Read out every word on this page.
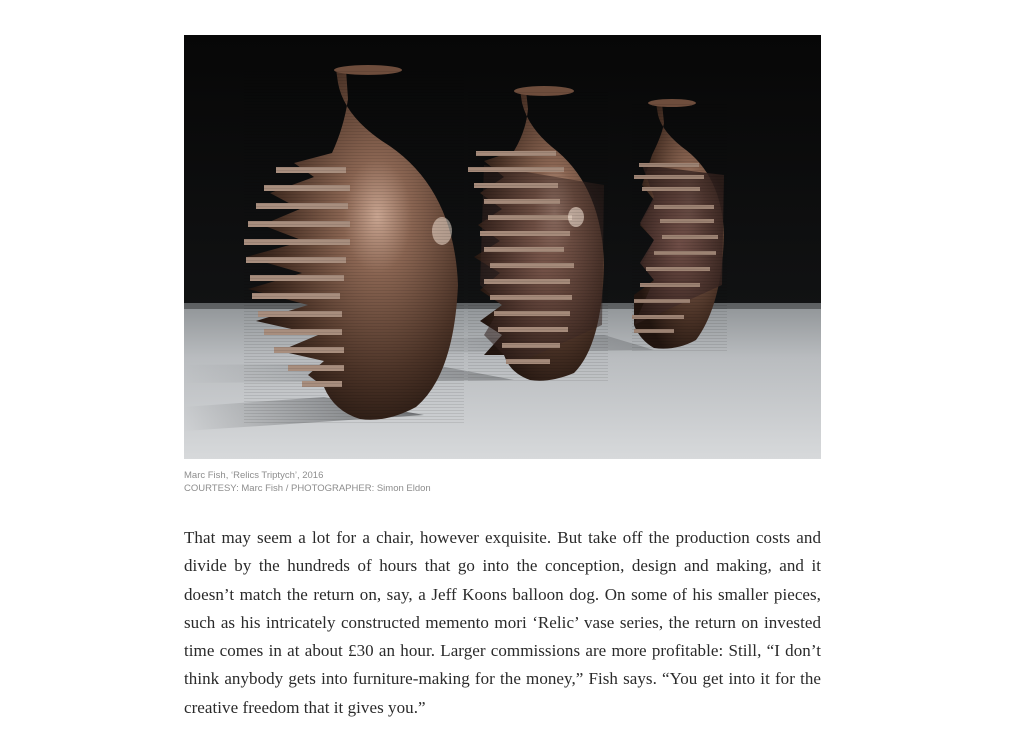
Marc Fish, ‘Relics Triptych’, 2016
COURTESY: Marc Fish / PHOTOGRAPHER: Simon Eldon

That may seem a lot for a chair, however exquisite. But take off the production costs and divide by the hundreds of hours that go into the conception, design and making, and it doesn’t match the return on, say, a Jeff Koons balloon dog. On some of his smaller pieces, such as his intricately constructed memento mori ‘Relic’ vase series, the return on invested time comes in at about £30 an hour. Larger commissions are more profitable: Still, “I don’t think anybody gets into furniture-making for the money,” Fish says. “You get into it for the creative freedom that it gives you.”
